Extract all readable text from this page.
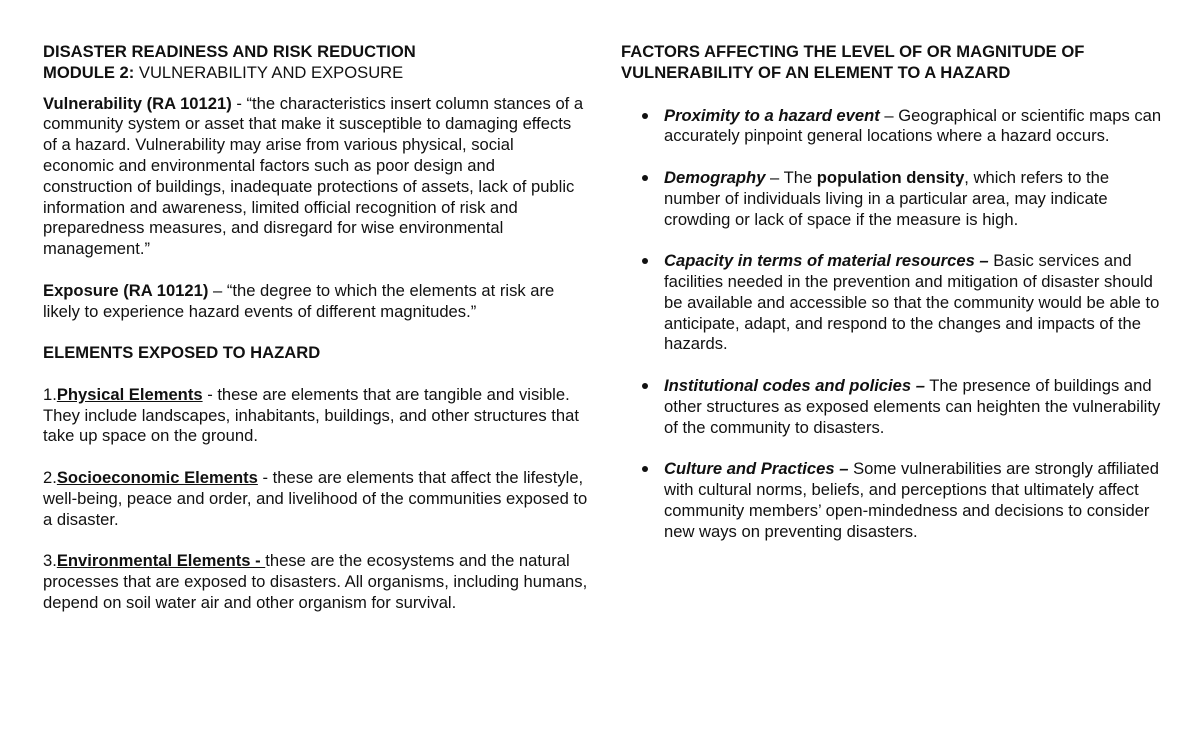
DISASTER READINESS AND RISK REDUCTION
MODULE 2: VULNERABILITY AND EXPOSURE

Vulnerability (RA 10121) - “the characteristics insert column stances of a community system or asset that make it susceptible to damaging effects of a hazard. Vulnerability may arise from various physical, social economic and environmental factors such as poor design and construction of buildings, inadequate protections of assets, lack of public information and awareness, limited official recognition of risk and preparedness measures, and disregard for wise environmental management.”

Exposure (RA 10121) – “the degree to which the elements at risk are likely to experience hazard events of different magnitudes.”

ELEMENTS EXPOSED TO HAZARD

1.Physical Elements - these are elements that are tangible and visible. They include landscapes, inhabitants, buildings, and other structures that take up space on the ground.

2.Socioeconomic Elements - these are elements that affect the lifestyle, well-being, peace and order, and livelihood of the communities exposed to a disaster.

3.Environmental Elements - these are the ecosystems and the natural processes that are exposed to disasters. All organisms, including humans, depend on soil water air and other organism for survival.

FACTORS AFFECTING THE LEVEL OF OR MAGNITUDE OF
VULNERABILITY OF AN ELEMENT TO A HAZARD

Proximity to a hazard event – Geographical or scientific maps can accurately pinpoint general locations where a hazard occurs.
Demography – The population density, which refers to the number of individuals living in a particular area, may indicate crowding or lack of space if the measure is high.
Capacity in terms of material resources – Basic services and facilities needed in the prevention and mitigation of disaster should be available and accessible so that the community would be able to anticipate, adapt, and respond to the changes and impacts of the hazards.
Institutional codes and policies – The presence of buildings and other structures as exposed elements can heighten the vulnerability of the community to disasters.
Culture and Practices – Some vulnerabilities are strongly affiliated with cultural norms, beliefs, and perceptions that ultimately affect community members’ open-mindedness and decisions to consider new ways on preventing disasters.
